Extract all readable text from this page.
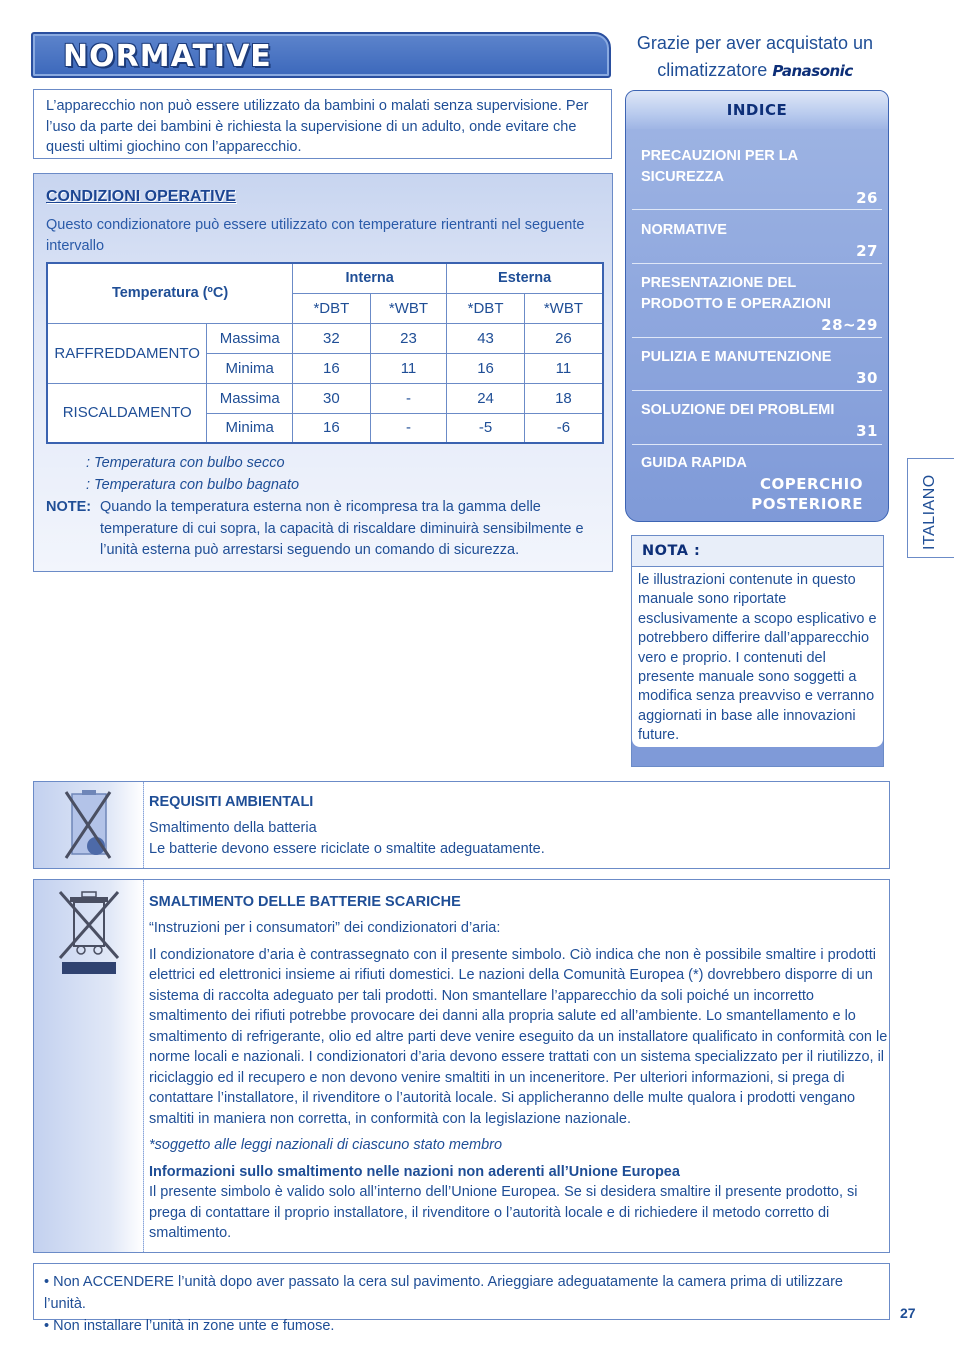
NORMATIVE	Grazie per aver acquistato un
climatizzatore Panasonic
L’apparecchio non può essere utilizzato da bambini o malati senza supervisione. Per l’uso da parte dei bambini è richiesta la supervisione di un adulto, onde evitare che questi ultimi giochino con l’apparecchio.
CONDIZIONI OPERATIVE
Questo condizionatore può essere utilizzato con temperature rientranti nel seguente intervallo
Temperatura (ºC)		Interna		Esterna	
		*DBT	*WBT	*DBT	*WBT
RAFFREDDAMENTO	Massima	32	23	43	26
	Minima	16	11	16	11
RISCALDAMENTO	Massima	30	-	24	18
	Minima	16	-	-5	-6
: Temperatura con bulbo secco
: Temperatura con bulbo bagnato
NOTE: Quando la temperatura esterna non è ricompresa tra la gamma delle temperature di cui sopra, la capacità di riscaldare diminuirà sensibilmente e l’unità esterna può arrestarsi seguendo un comando di sicurezza.
INDICE
PRECAUZIONI PER LA SICUREZZA
26
NORMATIVE
27
PRESENTAZIONE DEL PRODOTTO E OPERAZIONI
28~29
PULIZIA E MANUTENZIONE
30
SOLUZIONE DEI PROBLEMI
31
GUIDA RAPIDA
COPERCHIO POSTERIORE
NOTA :
le illustrazioni contenute in questo manuale sono riportate esclusivamente a scopo esplicativo e potrebbero differire dall’apparecchio vero e proprio. I contenuti del presente manuale sono soggetti a modifica senza preavviso e verranno aggiornati in base alle innovazioni future.
ITALIANO
REQUISITI AMBIENTALI
Smaltimento della batteria
Le batterie devono essere riciclate o smaltite adeguatamente.
SMALTIMENTO DELLE BATTERIE SCARICHE
“Instruzioni per i consumatori” dei condizionatori d’aria:
Il condizionatore d’aria è contrassegnato con il presente simbolo. Ciò indica che non è possibile smaltire i prodotti elettrici ed elettronici insieme ai rifiuti domestici. Le nazioni della Comunità Europea (*) dovrebbero disporre di un sistema di raccolta adeguato per tali prodotti. Non smantellare l’apparecchio da soli poiché un incorretto smaltimento dei rifiuti potrebbe provocare dei danni alla propria salute ed all’ambiente. Lo smantellamento e lo smaltimento di refrigerante, olio ed altre parti deve venire eseguito da un installatore qualificato in conformità con le norme locali e nazionali. I condizionatori d’aria devono essere trattati con un sistema specializzato per il riutilizzo, il riciclaggio ed il recupero e non devono venire smaltiti in un inceneritore. Per ulteriori informazioni, si prega di contattare l’installatore, il rivenditore o l’autorità locale. Si applicheranno delle multe qualora i prodotti vengano smaltiti in maniera non corretta, in conformità con la legislazione nazionale.
*soggetto alle leggi nazionali di ciascuno stato membro
Informazioni sullo smaltimento nelle nazioni non aderenti all’Unione Europea
Il presente simbolo è valido solo all’interno dell’Unione Europea. Se si desidera smaltire il presente prodotto, si prega di contattare il proprio installatore, il rivenditore o l’autorità locale e di richiedere il metodo corretto di smaltimento.
• Non ACCENDERE l’unità dopo aver passato la cera sul pavimento. Arieggiare adeguatamente la camera prima di utilizzare l’unità.
• Non installare l’unità in zone unte e fumose.
27
